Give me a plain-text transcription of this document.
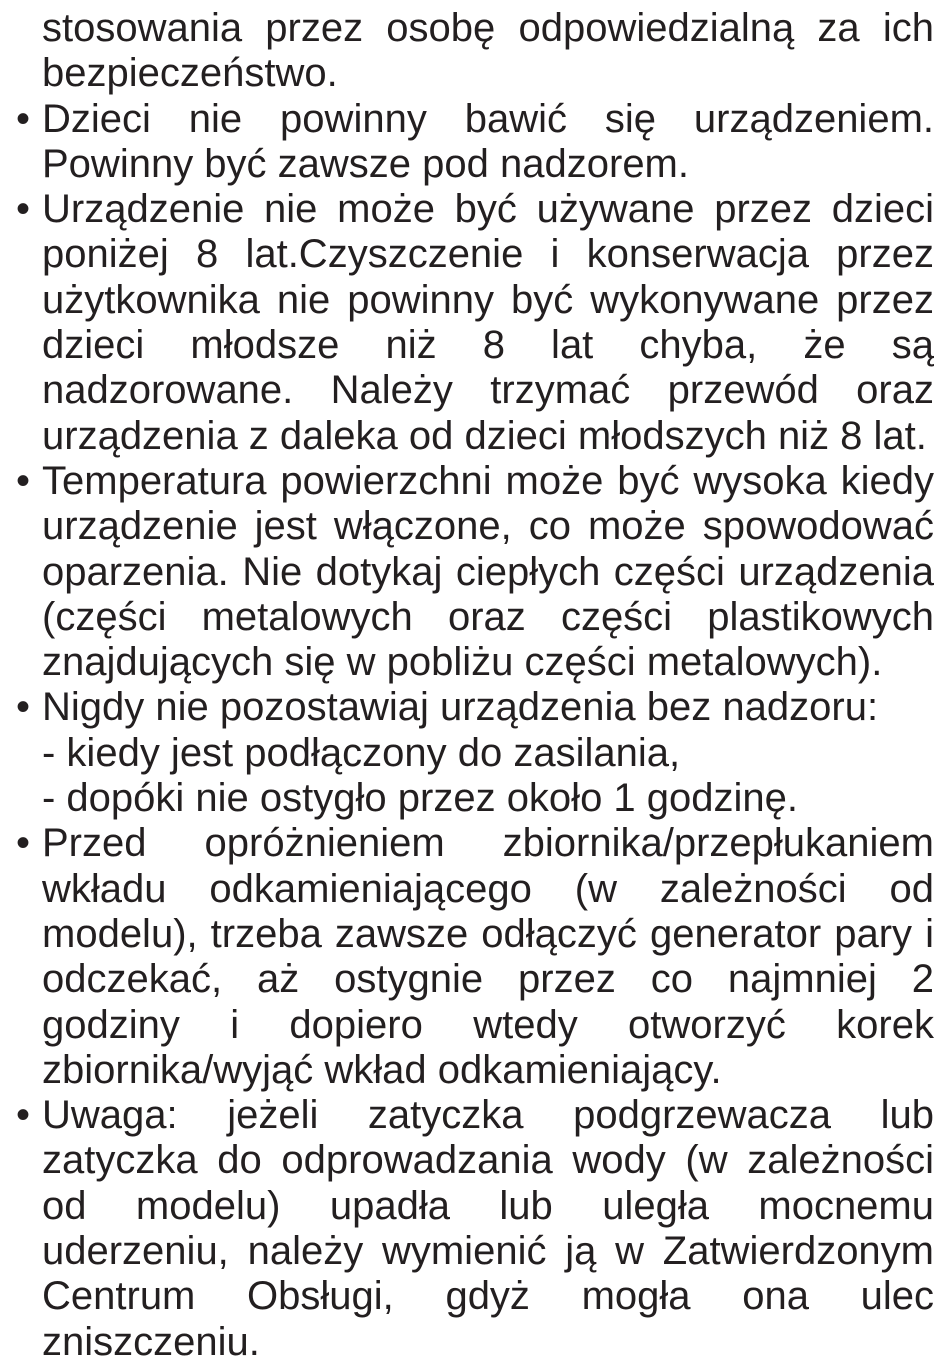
stosowania przez osobę odpowiedzialną za ich bezpieczeństwo.
• Dzieci nie powinny bawić się urządzeniem. Powinny być zawsze pod nadzorem.
• Urządzenie nie może być używane przez dzieci poniżej 8 lat.Czyszczenie i konserwacja przez użytkownika nie powinny być wykonywane przez dzieci młodsze niż 8 lat chyba, że są nadzorowane. Należy trzymać przewód oraz urządzenia z daleka od dzieci młodszych niż 8 lat.
• Temperatura powierzchni może być wysoka kiedy urządzenie jest włączone, co może spowodować oparzenia. Nie dotykaj ciepłych części urządzenia (części metalowych oraz części plastikowych znajdujących się w pobliżu części metalowych).
• Nigdy nie pozostawiaj urządzenia bez nadzoru:
- kiedy jest podłączony do zasilania,
- dopóki nie ostygło przez około 1 godzinę.
• Przed opróżnieniem zbiornika/przepłukaniem wkładu odkamieniającego (w zależności od modelu), trzeba zawsze odłączyć generator pary i odczekać, aż ostygnie przez co najmniej 2 godziny i dopiero wtedy otworzyć korek zbiornika/wyjąć wkład odkamieniający.
• Uwaga: jeżeli zatyczka podgrzewacza lub zatyczka do odprowadzania wody (w zależności od modelu) upadła lub uległa mocnemu uderzeniu, należy wymienić ją w Zatwierdzonym Centrum Obsługi, gdyż mogła ona ulec zniszczeniu.
